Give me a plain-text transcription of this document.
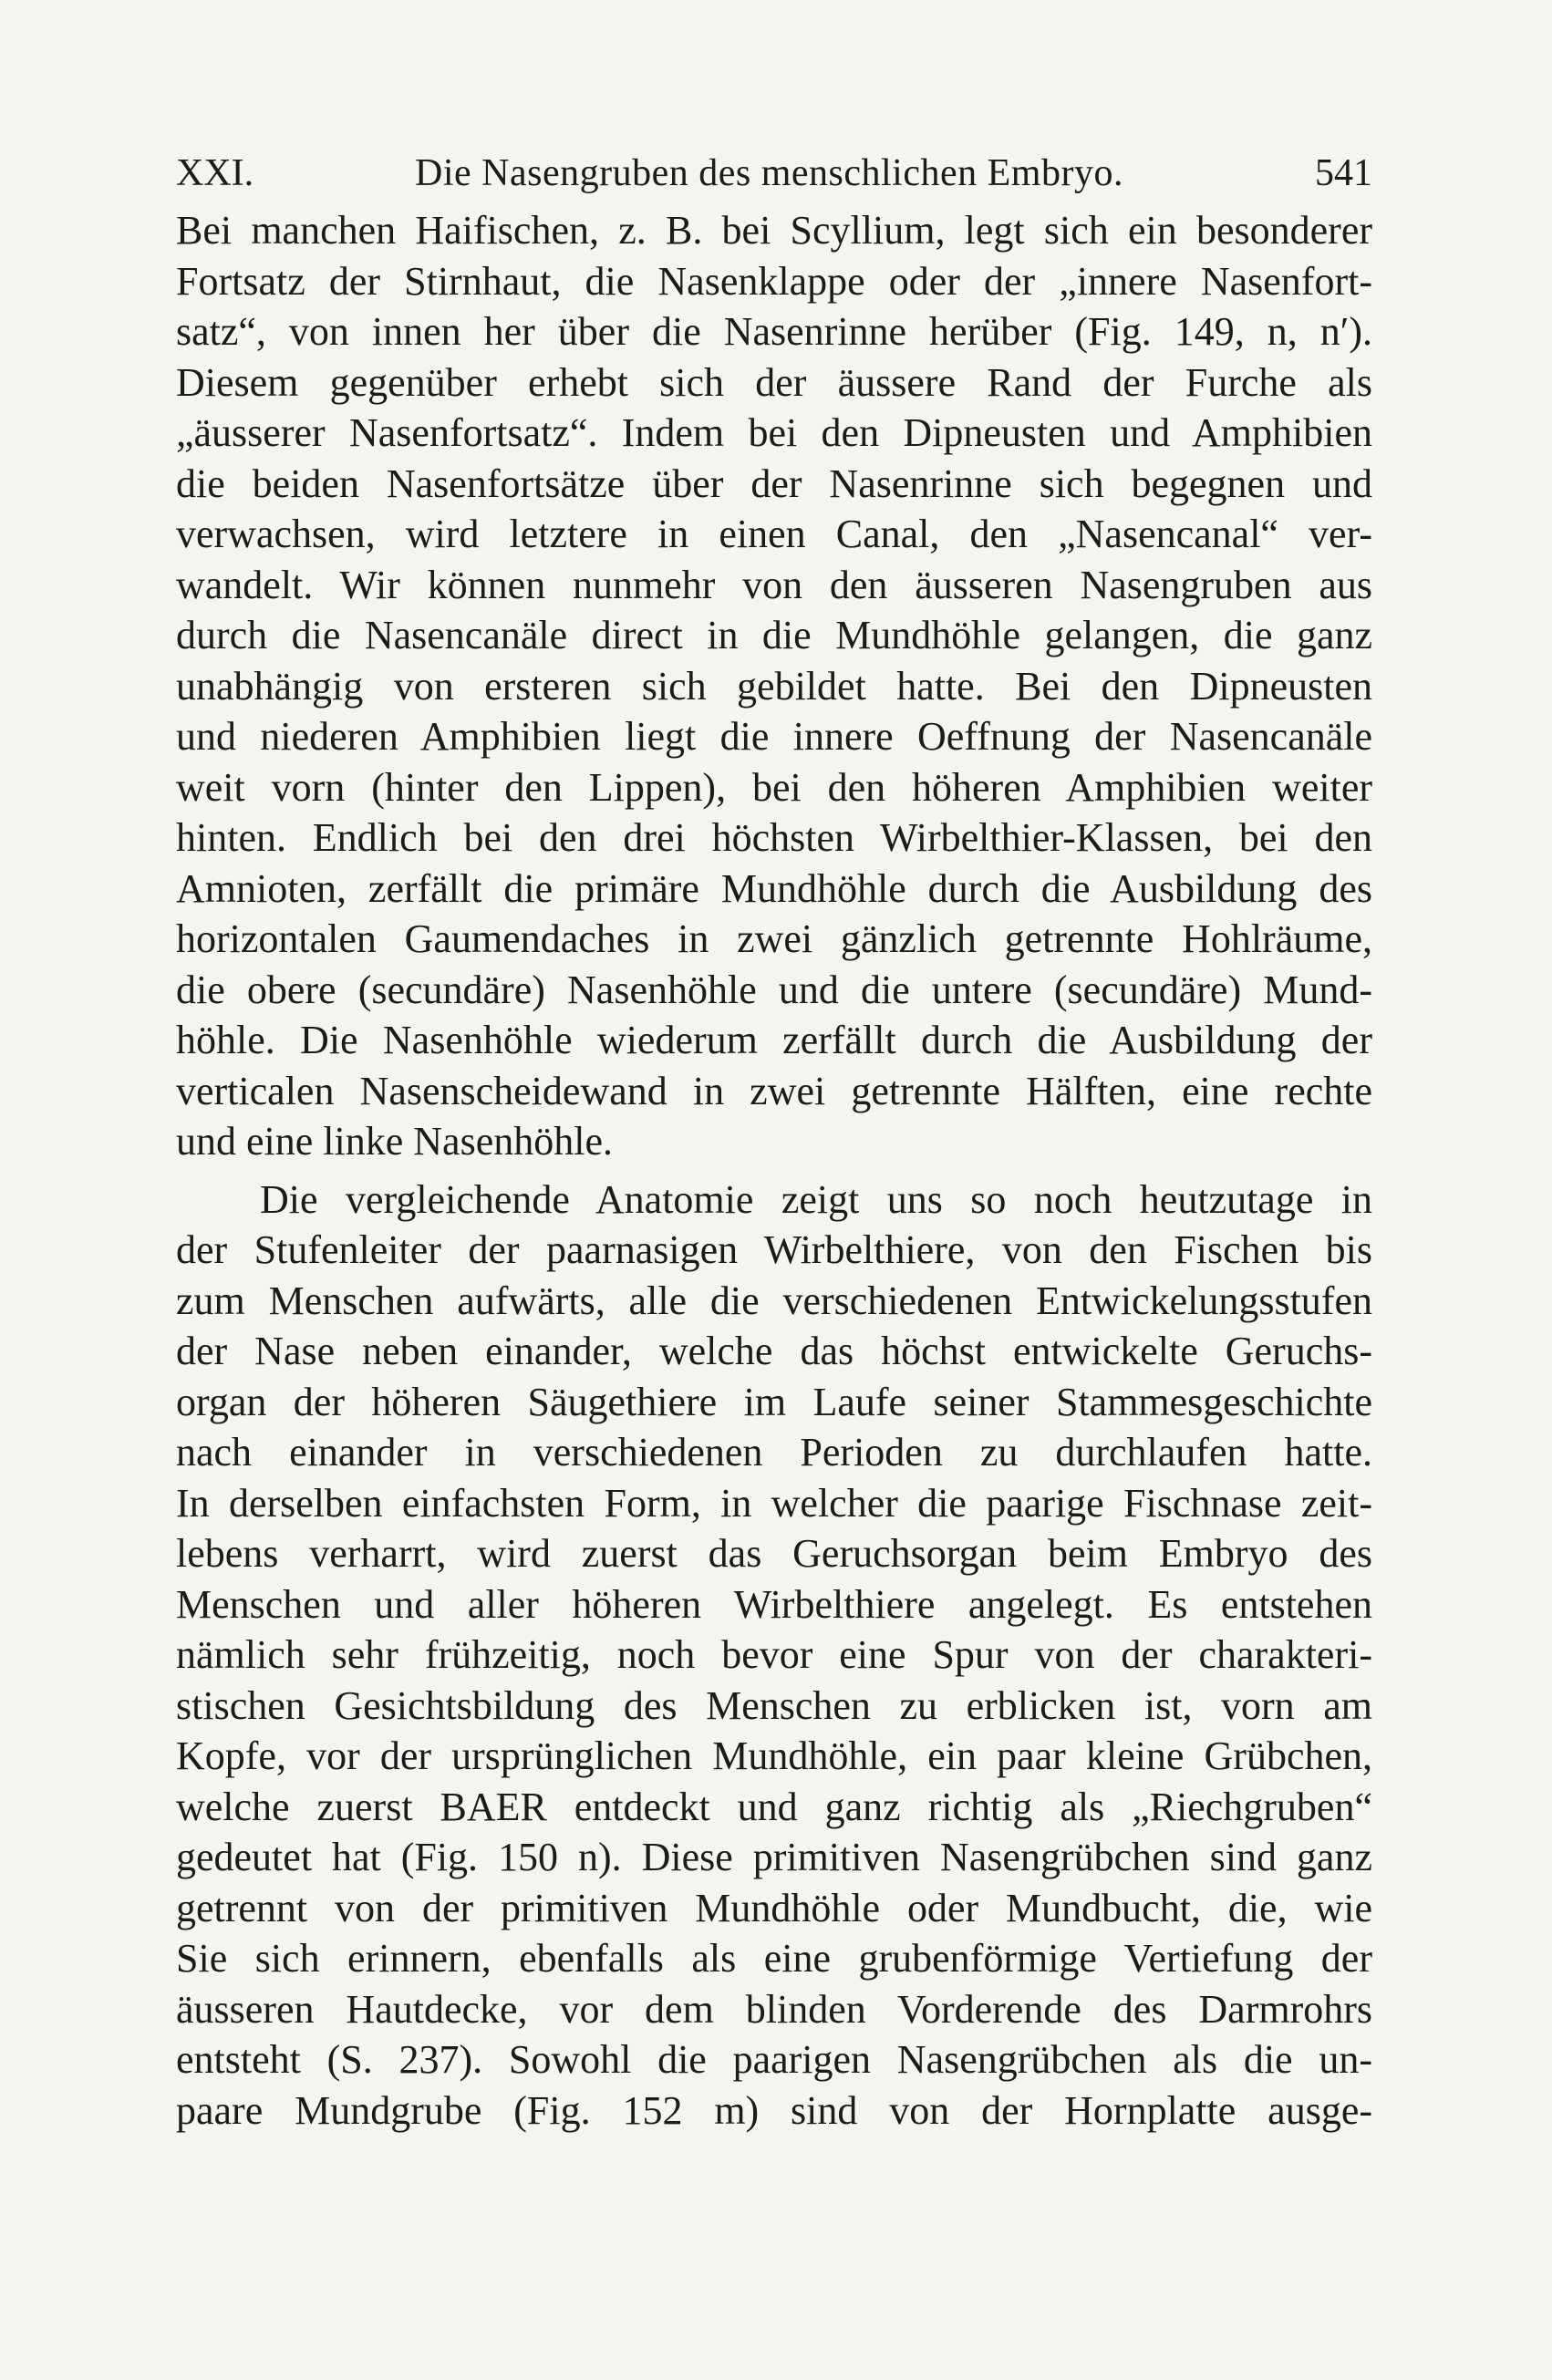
XXI.	Die Nasengruben des menschlichen Embryo.	541
Bei manchen Haifischen, z. B. bei Scyllium, legt sich ein besonderer
Fortsatz der Stirnhaut, die Nasenklappe oder der „innere Nasenfort-
satz“, von innen her über die Nasenrinne herüber (Fig. 149, n, n′).
Diesem gegenüber erhebt sich der äussere Rand der Furche als
„äusserer Nasenfortsatz“. Indem bei den Dipneusten und Amphibien
die beiden Nasenfortsätze über der Nasenrinne sich begegnen und
verwachsen, wird letztere in einen Canal, den „Nasencanal“ ver-
wandelt. Wir können nunmehr von den äusseren Nasengruben aus
durch die Nasencanäle direct in die Mundhöhle gelangen, die ganz
unabhängig von ersteren sich gebildet hatte. Bei den Dipneusten
und niederen Amphibien liegt die innere Oeffnung der Nasencanäle
weit vorn (hinter den Lippen), bei den höheren Amphibien weiter
hinten. Endlich bei den drei höchsten Wirbelthier-Klassen, bei den
Amnioten, zerfällt die primäre Mundhöhle durch die Ausbildung des
horizontalen Gaumendaches in zwei gänzlich getrennte Hohlräume,
die obere (secundäre) Nasenhöhle und die untere (secundäre) Mund-
höhle. Die Nasenhöhle wiederum zerfällt durch die Ausbildung der
verticalen Nasenscheidewand in zwei getrennte Hälften, eine rechte
und eine linke Nasenhöhle.
Die vergleichende Anatomie zeigt uns so noch heutzutage in
der Stufenleiter der paarnasigen Wirbelthiere, von den Fischen bis
zum Menschen aufwärts, alle die verschiedenen Entwickelungsstufen
der Nase neben einander, welche das höchst entwickelte Geruchs-
organ der höheren Säugethiere im Laufe seiner Stammesgeschichte
nach einander in verschiedenen Perioden zu durchlaufen hatte.
In derselben einfachsten Form, in welcher die paarige Fischnase zeit-
lebens verharrt, wird zuerst das Geruchsorgan beim Embryo des
Menschen und aller höheren Wirbelthiere angelegt. Es entstehen
nämlich sehr frühzeitig, noch bevor eine Spur von der charakteri-
stischen Gesichtsbildung des Menschen zu erblicken ist, vorn am
Kopfe, vor der ursprünglichen Mundhöhle, ein paar kleine Grübchen,
welche zuerst BAER entdeckt und ganz richtig als „Riechgruben“
gedeutet hat (Fig. 150 n). Diese primitiven Nasengrübchen sind ganz
getrennt von der primitiven Mundhöhle oder Mundbucht, die, wie
Sie sich erinnern, ebenfalls als eine grubenförmige Vertiefung der
äusseren Hautdecke, vor dem blinden Vorderende des Darmrohrs
entsteht (S. 237). Sowohl die paarigen Nasengrübchen als die un-
paare Mundgrube (Fig. 152 m) sind von der Hornplatte ausge-
